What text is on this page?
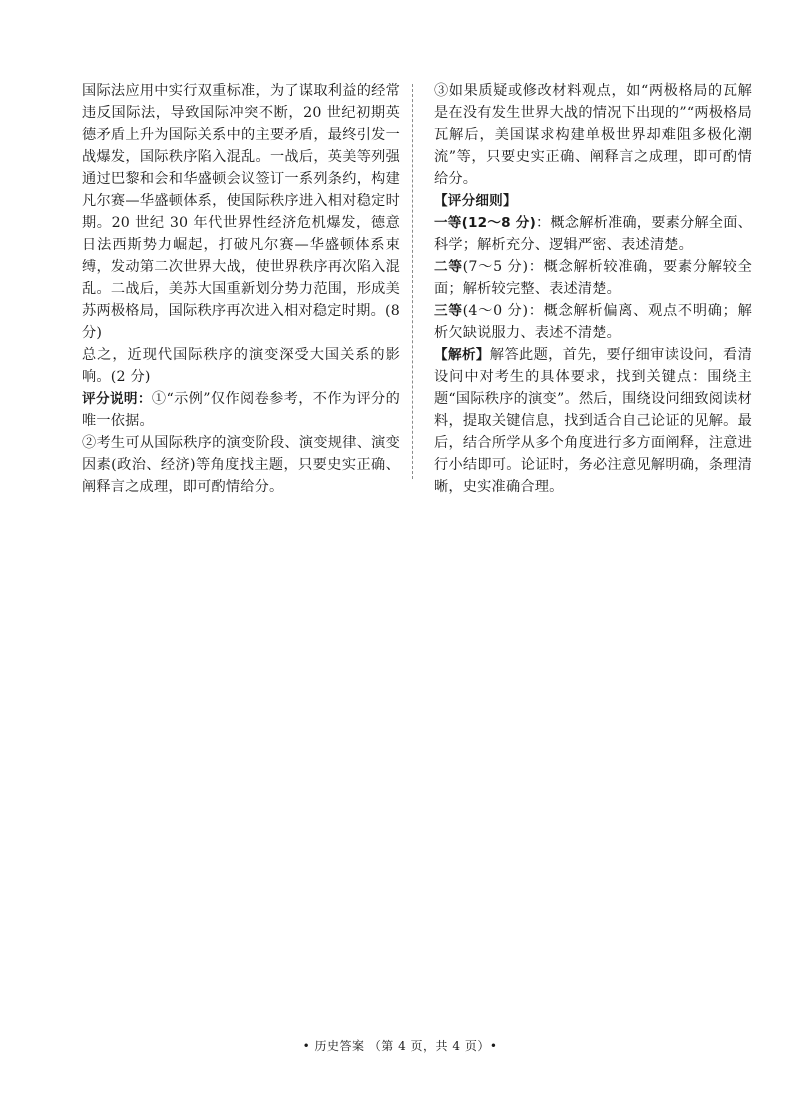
国际法应用中实行双重标准，为了谋取利益的经常违反国际法，导致国际冲突不断，20 世纪初期英德矛盾上升为国际关系中的主要矛盾，最终引发一战爆发，国际秩序陷入混乱。一战后，英美等列强通过巴黎和会和华盛顿会议签订一系列条约，构建凡尔赛—华盛顿体系，使国际秩序进入相对稳定时期。20 世纪 30 年代世界性经济危机爆发，德意日法西斯势力崛起，打破凡尔赛—华盛顿体系束缚，发动第二次世界大战，使世界秩序再次陷入混乱。二战后，美苏大国重新划分势力范围，形成美苏两极格局，国际秩序再次进入相对稳定时期。(8 分)

总之，近现代国际秩序的演变深受大国关系的影响。(2 分)

评分说明：①“示例”仅作阅卷参考，不作为评分的唯一依据。

②考生可从国际秩序的演变阶段、演变规律、演变因素(政治、经济)等角度找主题，只要史实正确、阐释言之成理，即可酌情给分。

③如果质疑或修改材料观点，如“两极格局的瓦解是在没有发生世界大战的情况下出现的”“两极格局瓦解后，美国谋求构建单极世界却难阻多极化潮流”等，只要史实正确、阐释言之成理，即可酌情给分。

【评分细则】

一等(12～8 分)：概念解析准确，要素分解全面、科学；解析充分、逻辑严密、表述清楚。

二等(7～5 分)：概念解析较准确，要素分解较全面；解析较完整、表述清楚。

三等(4～0 分)：概念解析偏离、观点不明确；解析欠缺说服力、表述不清楚。

【解析】解答此题，首先，要仔细审读设问，看清设问中对考生的具体要求，找到关键点：围绕主题“国际秩序的演变”。然后，围绕设问细致阅读材料，提取关键信息，找到适合自己论证的见解。最后，结合所学从多个角度进行多方面阐释，注意进行小结即可。论证时，务必注意见解明确，条理清晰，史实准确合理。

• 历史答案 （第 4 页，共 4 页）•
